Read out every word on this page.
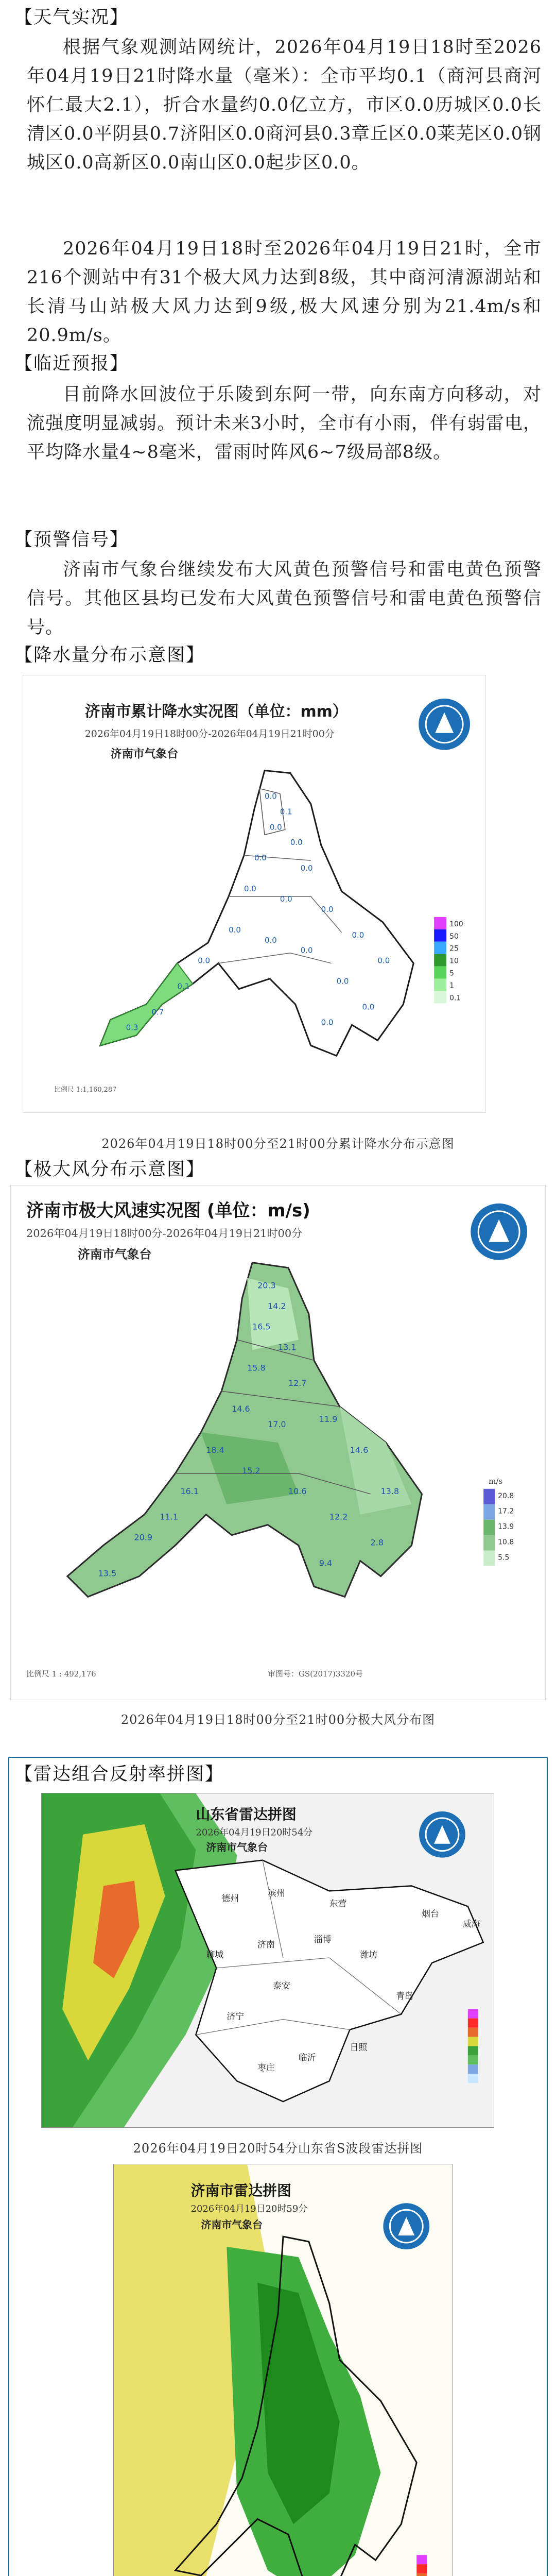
【天气实况】
根据气象观测站网统计，2026年04月19日18时至2026年04月19日21时降水量（毫米）：全市平均0.1（商河县商河怀仁最大2.1），折合水量约0.0亿立方，市区0.0历城区0.0长清区0.0平阴县0.7济阳区0.0商河县0.3章丘区0.0莱芜区0.0钢城区0.0高新区0.0南山区0.0起步区0.0。
2026年04月19日18时至2026年04月19日21时，全市216个测站中有31个极大风力达到8级，其中商河清源湖站和长清马山站极大风力达到9级,极大风速分别为21.4m/s和20.9m/s。
【临近预报】
目前降水回波位于乐陵到东阿一带，向东南方向移动，对流强度明显减弱。预计未来3小时，全市有小雨，伴有弱雷电，平均降水量4~8毫米，雷雨时阵风6~7级局部8级。
【预警信号】
济南市气象台继续发布大风黄色预警信号和雷电黄色预警信号。其他区县均已发布大风黄色预警信号和雷电黄色预警信号。
【降水量分布示意图】
济南市累计降水实况图（单位：mm）
2026年04月19日18时00分-2026年04月19日21时00分
济南市气象台
0.0
0.1
0.0
0.0
0.0
0.0
0.0
0.0
0.0
0.0
0.0
0.0
0.0
0.0
0.0
0.0
0.0
0.0
0.7
0.3
0.1
100
50
25
10
5
1
0.1
比例尺 1:1,160,287
2026年04月19日18时00分至21时00分累计降水分布示意图
【极大风分布示意图】
济南市极大风速实况图 (单位：m/s)
2026年04月19日18时00分-2026年04月19日21时00分
济南市气象台
20.3
14.2
16.5
13.1
15.8
12.7
14.6
17.0
11.9
14.6
13.8
18.4
15.2
10.6
12.2
2.8
9.4
16.1
20.9
13.5
11.1
m/s
20.8
17.2
13.9
10.8
5.5
比例尺 1 : 492,176	审图号：GS(2017)3320号
2026年04月19日18时00分至21时00分极大风分布图
【雷达组合反射率拼图】
山东省雷达拼图
2026年04月19日20时54分
济南市气象台
德州	滨州
东营
潍坊
烟台
威海
青岛
日照
临沂
枣庄
济宁
泰安
济南
聊城
淄博
2026年04月19日20时54分山东省S波段雷达拼图
济南市雷达拼图
2026年04月19日20时59分
济南市气象台
